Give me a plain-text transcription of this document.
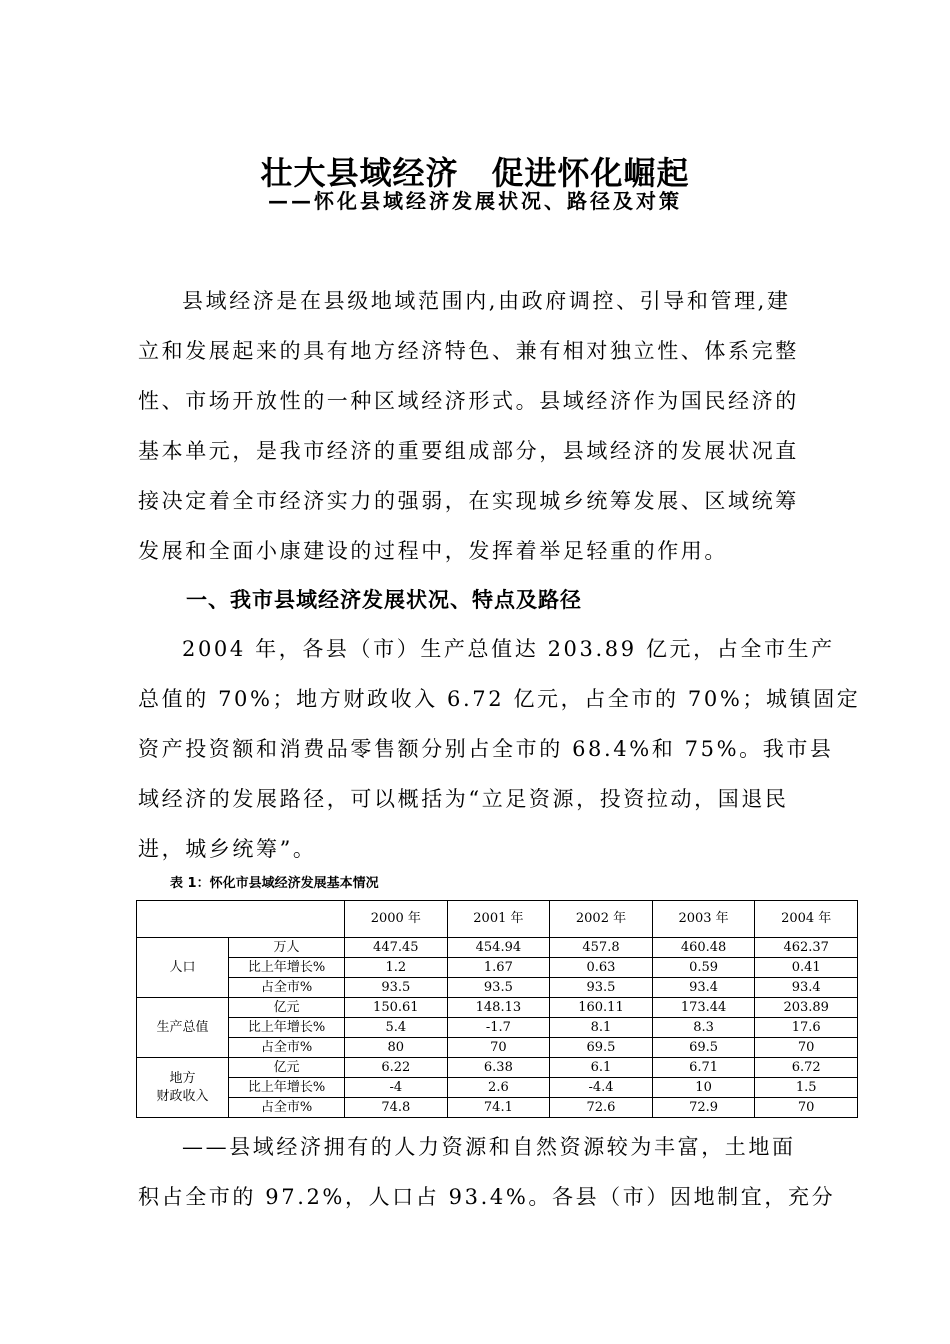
壮大县域经济　促进怀化崛起
——怀化县域经济发展状况、路径及对策

县域经济是在县级地域范围内,由政府调控、引导和管理,建
立和发展起来的具有地方经济特色、兼有相对独立性、体系完整
性、市场开放性的一种区域经济形式。县域经济作为国民经济的
基本单元，是我市经济的重要组成部分，县域经济的发展状况直
接决定着全市经济实力的强弱，在实现城乡统筹发展、区域统筹
发展和全面小康建设的过程中，发挥着举足轻重的作用。

一、我市县域经济发展状况、特点及路径

2004 年，各县（市）生产总值达 203.89 亿元，占全市生产
总值的 70%；地方财政收入 6.72 亿元，占全市的 70%；城镇固定
资产投资额和消费品零售额分别占全市的 68.4%和 75%。我市县
域经济的发展路径，可以概括为“立足资源，投资拉动，国退民
进，城乡统筹”。

表 1：怀化市县域经济发展基本情况
		2000 年	2001 年	2002 年	2003 年	2004 年
人口	万人	447.45	454.94	457.8	460.48	462.37
	比上年增长%	1.2	1.67	0.63	0.59	0.41
	占全市%	93.5	93.5	93.5	93.4	93.4
生产总值	亿元	150.61	148.13	160.11	173.44	203.89
	比上年增长%	5.4	-1.7	8.1	8.3	17.6
	占全市%	80	70	69.5	69.5	70
地方
财政收入	亿元	6.22	6.38	6.1	6.71	6.72
	比上年增长%	-4	2.6	-4.4	10	1.5
	占全市%	74.8	74.1	72.6	72.9	70

——县域经济拥有的人力资源和自然资源较为丰富，土地面
积占全市的 97.2%，人口占 93.4%。各县（市）因地制宜，充分
